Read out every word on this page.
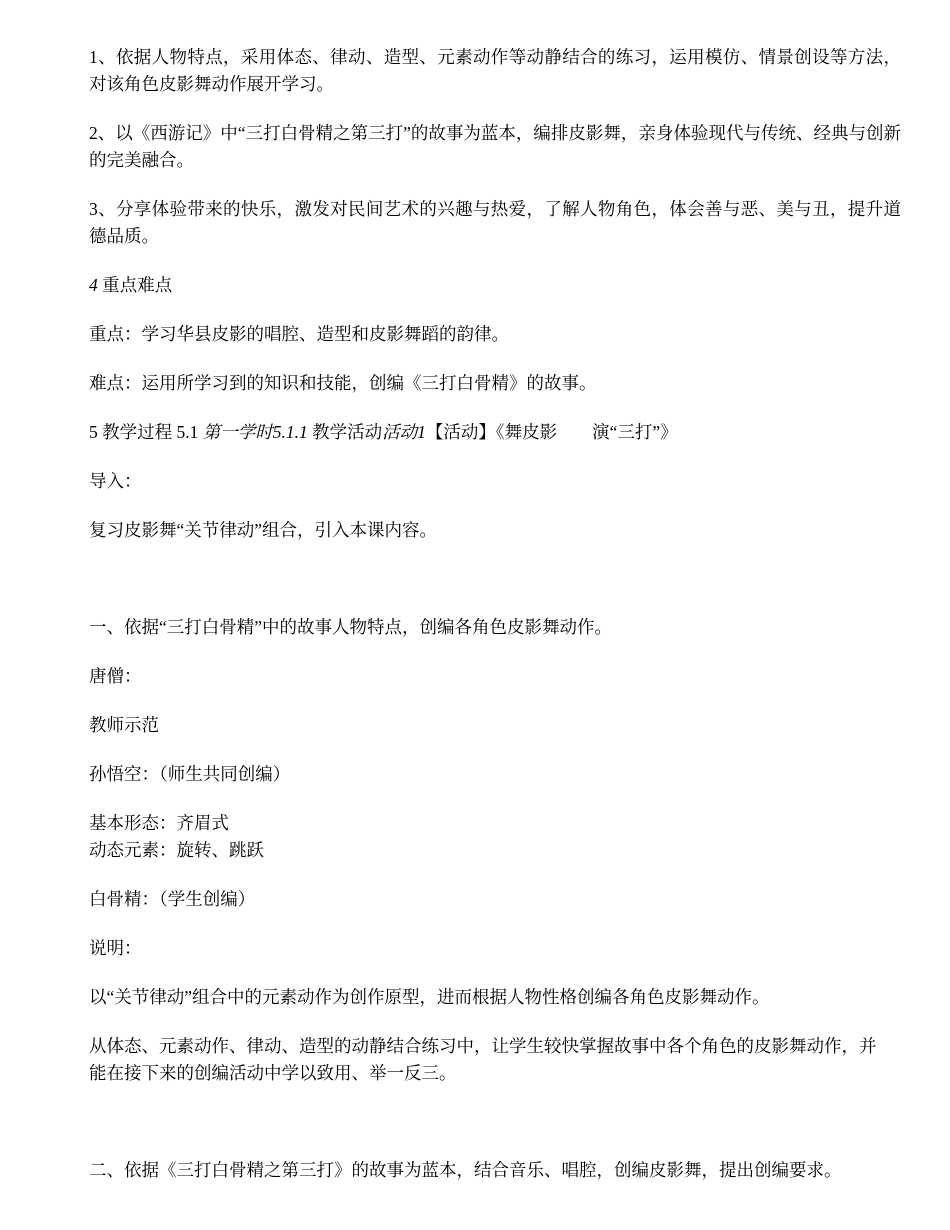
1、依据人物特点，采用体态、律动、造型、元素动作等动静结合的练习，运用模仿、情景创设等方法，对该角色皮影舞动作展开学习。

2、以《西游记》中“三打白骨精之第三打”的故事为蓝本，编排皮影舞，亲身体验现代与传统、经典与创新的完美融合。

3、分享体验带来的快乐，激发对民间艺术的兴趣与热爱，了解人物角色，体会善与恶、美与丑，提升道德品质。

4 重点难点

重点：学习华县皮影的唱腔、造型和皮影舞蹈的韵律。

难点：运用所学习到的知识和技能，创编《三打白骨精》的故事。

5 教学过程 5.1 第一学时5.1.1 教学活动活动1【活动】《舞皮影 演“三打”》

导入：

复习皮影舞“关节律动”组合，引入本课内容。

一、依据“三打白骨精”中的故事人物特点，创编各角色皮影舞动作。

唐僧：

教师示范

孙悟空：（师生共同创编）

基本形态：齐眉式

动态元素：旋转、跳跃

白骨精：（学生创编）

说明：

以“关节律动”组合中的元素动作为创作原型，进而根据人物性格创编各角色皮影舞动作。

从体态、元素动作、律动、造型的动静结合练习中，让学生较快掌握故事中各个角色的皮影舞动作，并能在接下来的创编活动中学以致用、举一反三。

二、依据《三打白骨精之第三打》的故事为蓝本，结合音乐、唱腔，创编皮影舞，提出创编要求。
